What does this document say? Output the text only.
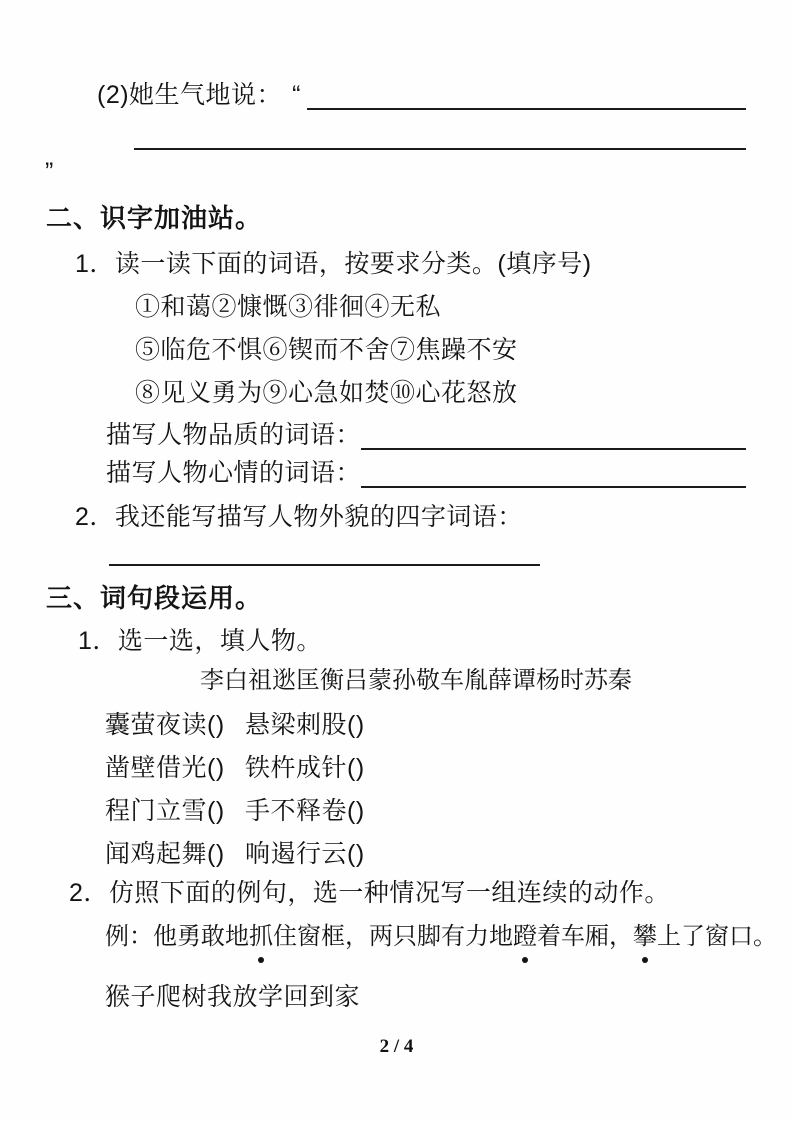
(2)她生气地说： “
”
二、识字加油站。
1．读一读下面的词语，按要求分类。(填序号)
①和蔼②慷慨③徘徊④无私
⑤临危不惧⑥锲而不舍⑦焦躁不安
⑧见义勇为⑨心急如焚⑩心花怒放
描写人物品质的词语：
描写人物心情的词语：
2．我还能写描写人物外貌的四字词语：
三、词句段运用。
1．选一选，填人物。
李白祖逖匡衡吕蒙孙敬车胤薛谭杨时苏秦
囊萤夜读() 悬梁刺股()
凿壁借光() 铁杵成针()
程门立雪() 手不释卷()
闻鸡起舞() 响遏行云()
2．仿照下面的例句，选一种情况写一组连续的动作。
例：他勇敢地抓住窗框，两只脚有力地蹬着车厢，攀上了窗口。
猴子爬树我放学回到家
2 / 4
